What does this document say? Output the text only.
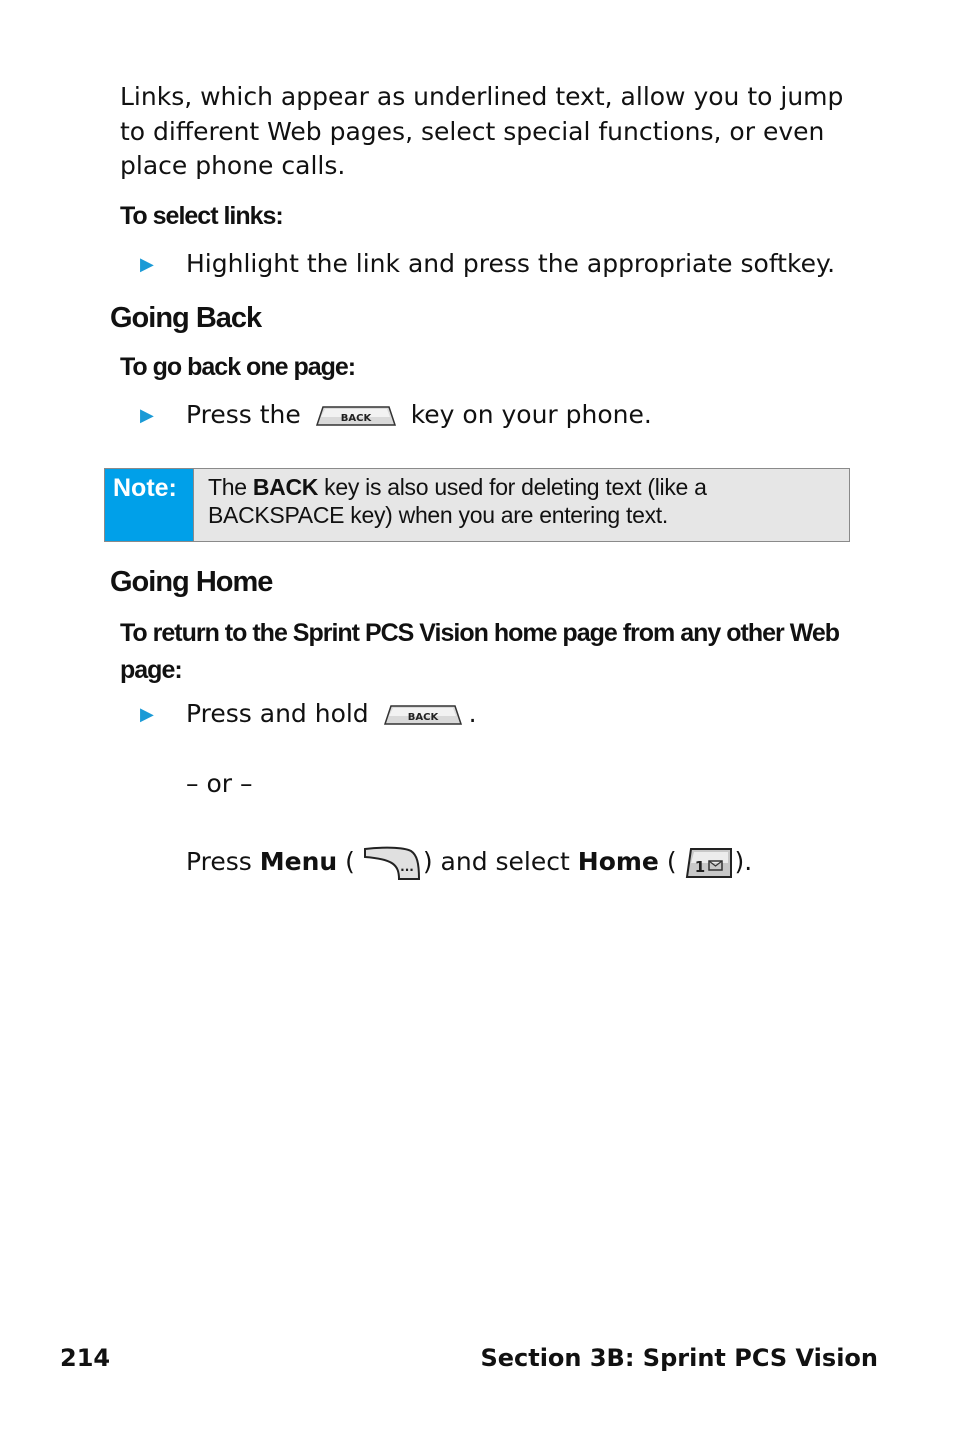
Links, which appear as underlined text, allow you to jump to different Web pages, select special functions, or even place phone calls.
To select links:
▶ Highlight the link and press the appropriate softkey.
Going Back
To go back one page:
▶ Press the	BACK key on your phone.
Note:	The BACK key is also used for deleting text (like a BACKSPACE key) when you are entering text.
Going Home
To return to the Sprint PCS Vision home page from any other Web page:
▶ Press and hold	BACK .
– or –
Press Menu (	... ) and select Home ( 1 ).
214	Section 3B: Sprint PCS Vision
